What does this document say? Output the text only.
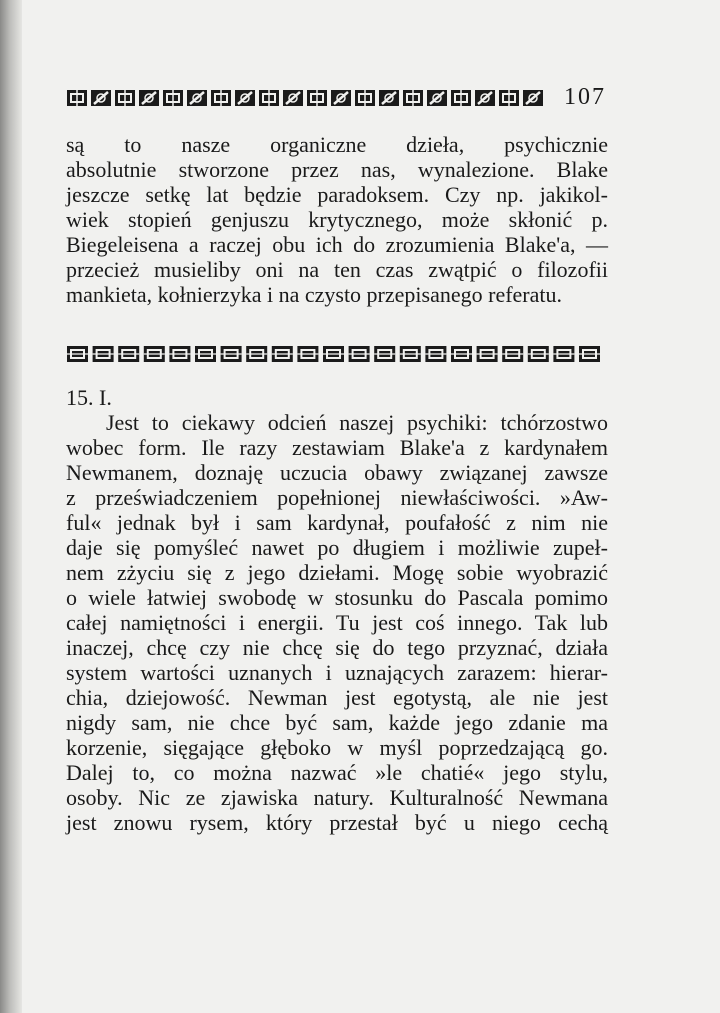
107
są to nasze organiczne dzieła, psychicznie
absolutnie stworzone przez nas, wynalezione. Blake
jeszcze setkę lat będzie paradoksem. Czy np. jakikol-
wiek stopień genjuszu krytycznego, może skłonić p.
Biegeleisena a raczej obu ich do zrozumienia Blake'a, —
przecież musieliby oni na ten czas zwątpić o filozofii
mankieta, kołnierzyka i na czysto przepisanego referatu.
15. I.
Jest to ciekawy odcień naszej psychiki: tchórzostwo
wobec form. Ile razy zestawiam Blake'a z kardynałem
Newmanem, doznaję uczucia obawy związanej zawsze
z przeświadczeniem popełnionej niewłaściwości. »Aw-
ful« jednak był i sam kardynał, poufałość z nim nie
daje się pomyśleć nawet po długiem i możliwie zupeł-
nem zżyciu się z jego dziełami. Mogę sobie wyobrazić
o wiele łatwiej swobodę w stosunku do Pascala pomimo
całej namiętności i energii. Tu jest coś innego. Tak lub
inaczej, chcę czy nie chcę się do tego przyznać, działa
system wartości uznanych i uznających zarazem: hierar-
chia, dziejowość. Newman jest egotystą, ale nie jest
nigdy sam, nie chce być sam, każde jego zdanie ma
korzenie, sięgające głęboko w myśl poprzedzającą go.
Dalej to, co można nazwać »le chatié« jego stylu,
osoby. Nic ze zjawiska natury. Kulturalność Newmana
jest znowu rysem, który przestał być u niego cechą
